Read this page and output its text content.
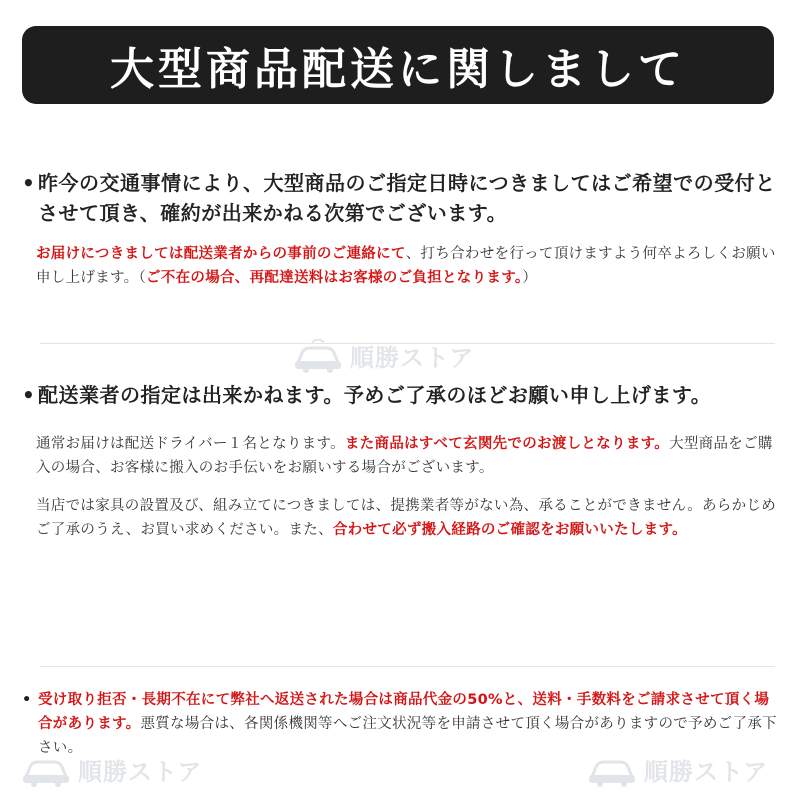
大型商品配送に関しまして
順勝ストア
順勝ストア	順勝ストア
• 昨今の交通事情により、大型商品のご指定日時につきましてはご希望での受付とさせて頂き、確約が出来かねる次第でございます。
お届けにつきましては配送業者からの事前のご連絡にて、打ち合わせを行って頂けますよう何卒よろしくお願い申し上げます。（ご不在の場合、再配達送料はお客様のご負担となります。）
• 配送業者の指定は出来かねます。予めご了承のほどお願い申し上げます。
通常お届けは配送ドライバー１名となります。また商品はすべて玄関先でのお渡しとなります。大型商品をご購入の場合、お客様に搬入のお手伝いをお願いする場合がございます。
当店では家具の設置及び、組み立てにつきましては、提携業者等がない為、承ることができません。あらかじめご了承のうえ、お買い求めください。また、合わせて必ず搬入経路のご確認をお願いいたします。
• 受け取り拒否・長期不在にて弊社へ返送された場合は商品代金の50%と、送料・手数料をご請求させて頂く場合があります。悪質な場合は、各関係機関等へご注文状況等を申請させて頂く場合がありますので予めご了承下さい。
